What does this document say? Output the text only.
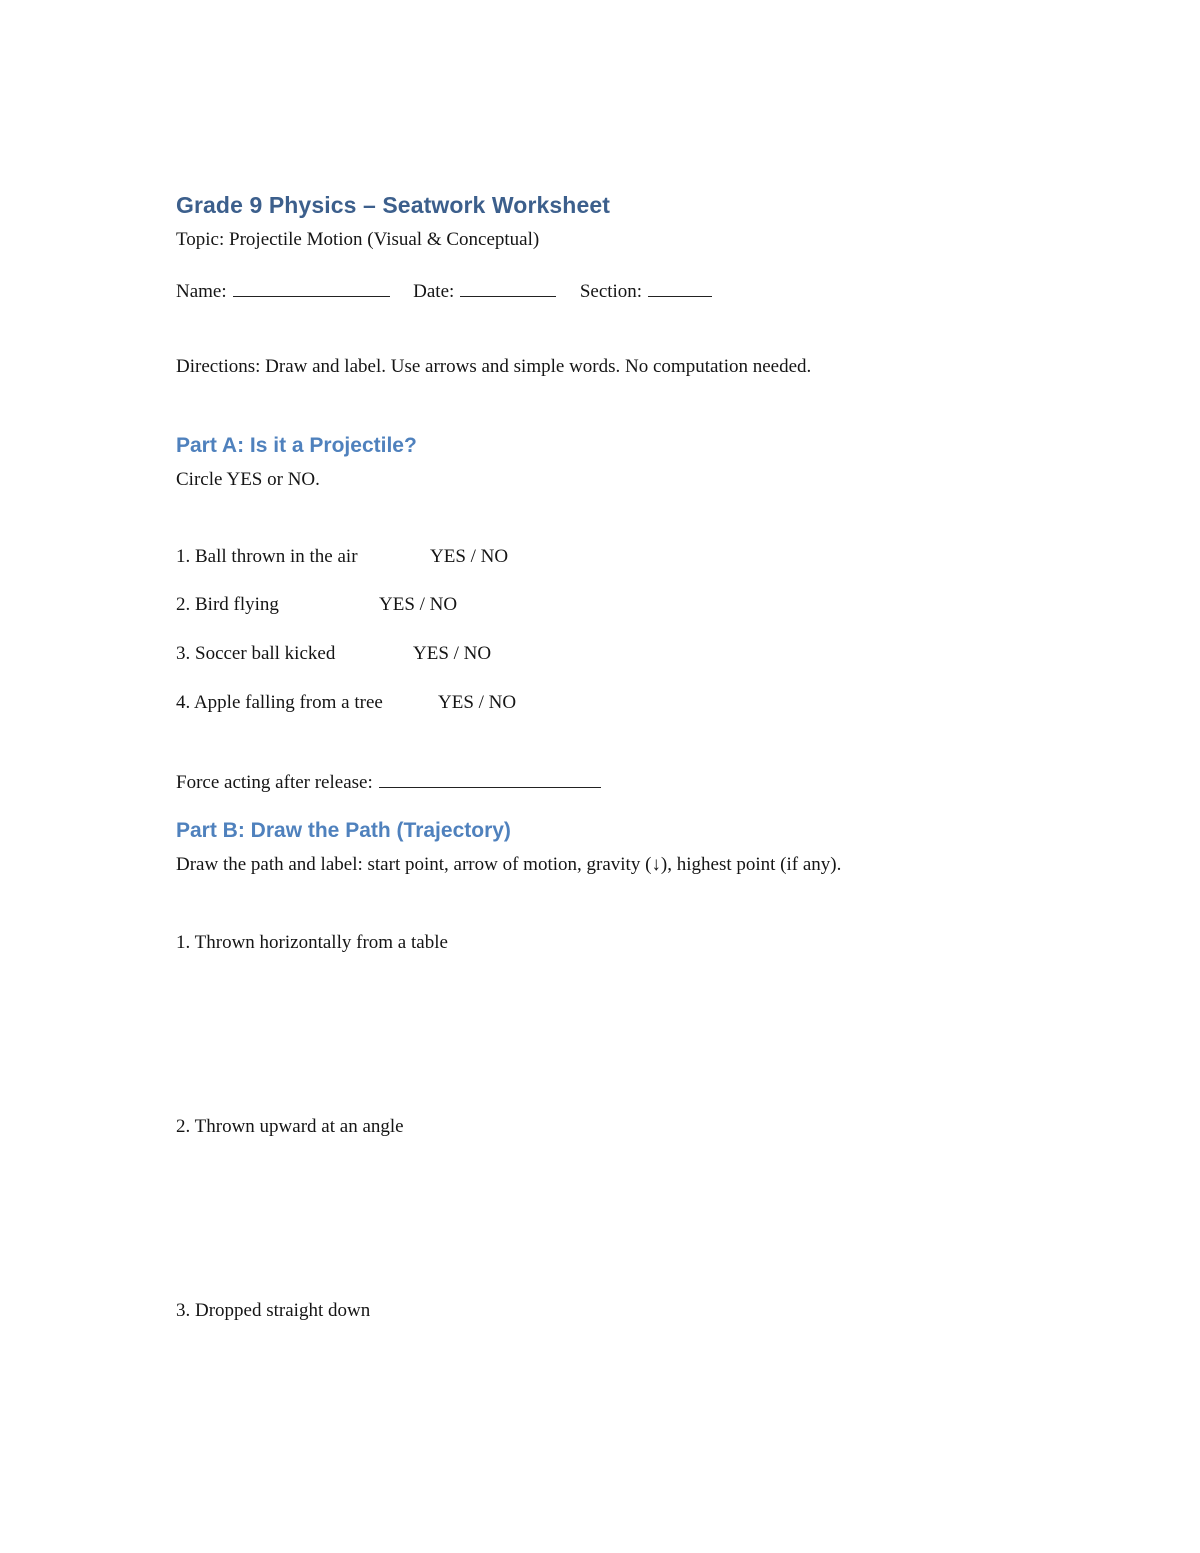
Grade 9 Physics – Seatwork Worksheet
Topic: Projectile Motion (Visual & Conceptual)
Name:	Date:	Section:
Directions: Draw and label. Use arrows and simple words. No computation needed.
Part A: Is it a Projectile?
Circle YES or NO.
1. Ball thrown in the air	YES / NO
2. Bird flying	YES / NO
3. Soccer ball kicked	YES / NO
4. Apple falling from a tree	YES / NO
Force acting after release:
Part B: Draw the Path (Trajectory)
Draw the path and label: start point, arrow of motion, gravity (↓), highest point (if any).
1. Thrown horizontally from a table
2. Thrown upward at an angle
3. Dropped straight down
